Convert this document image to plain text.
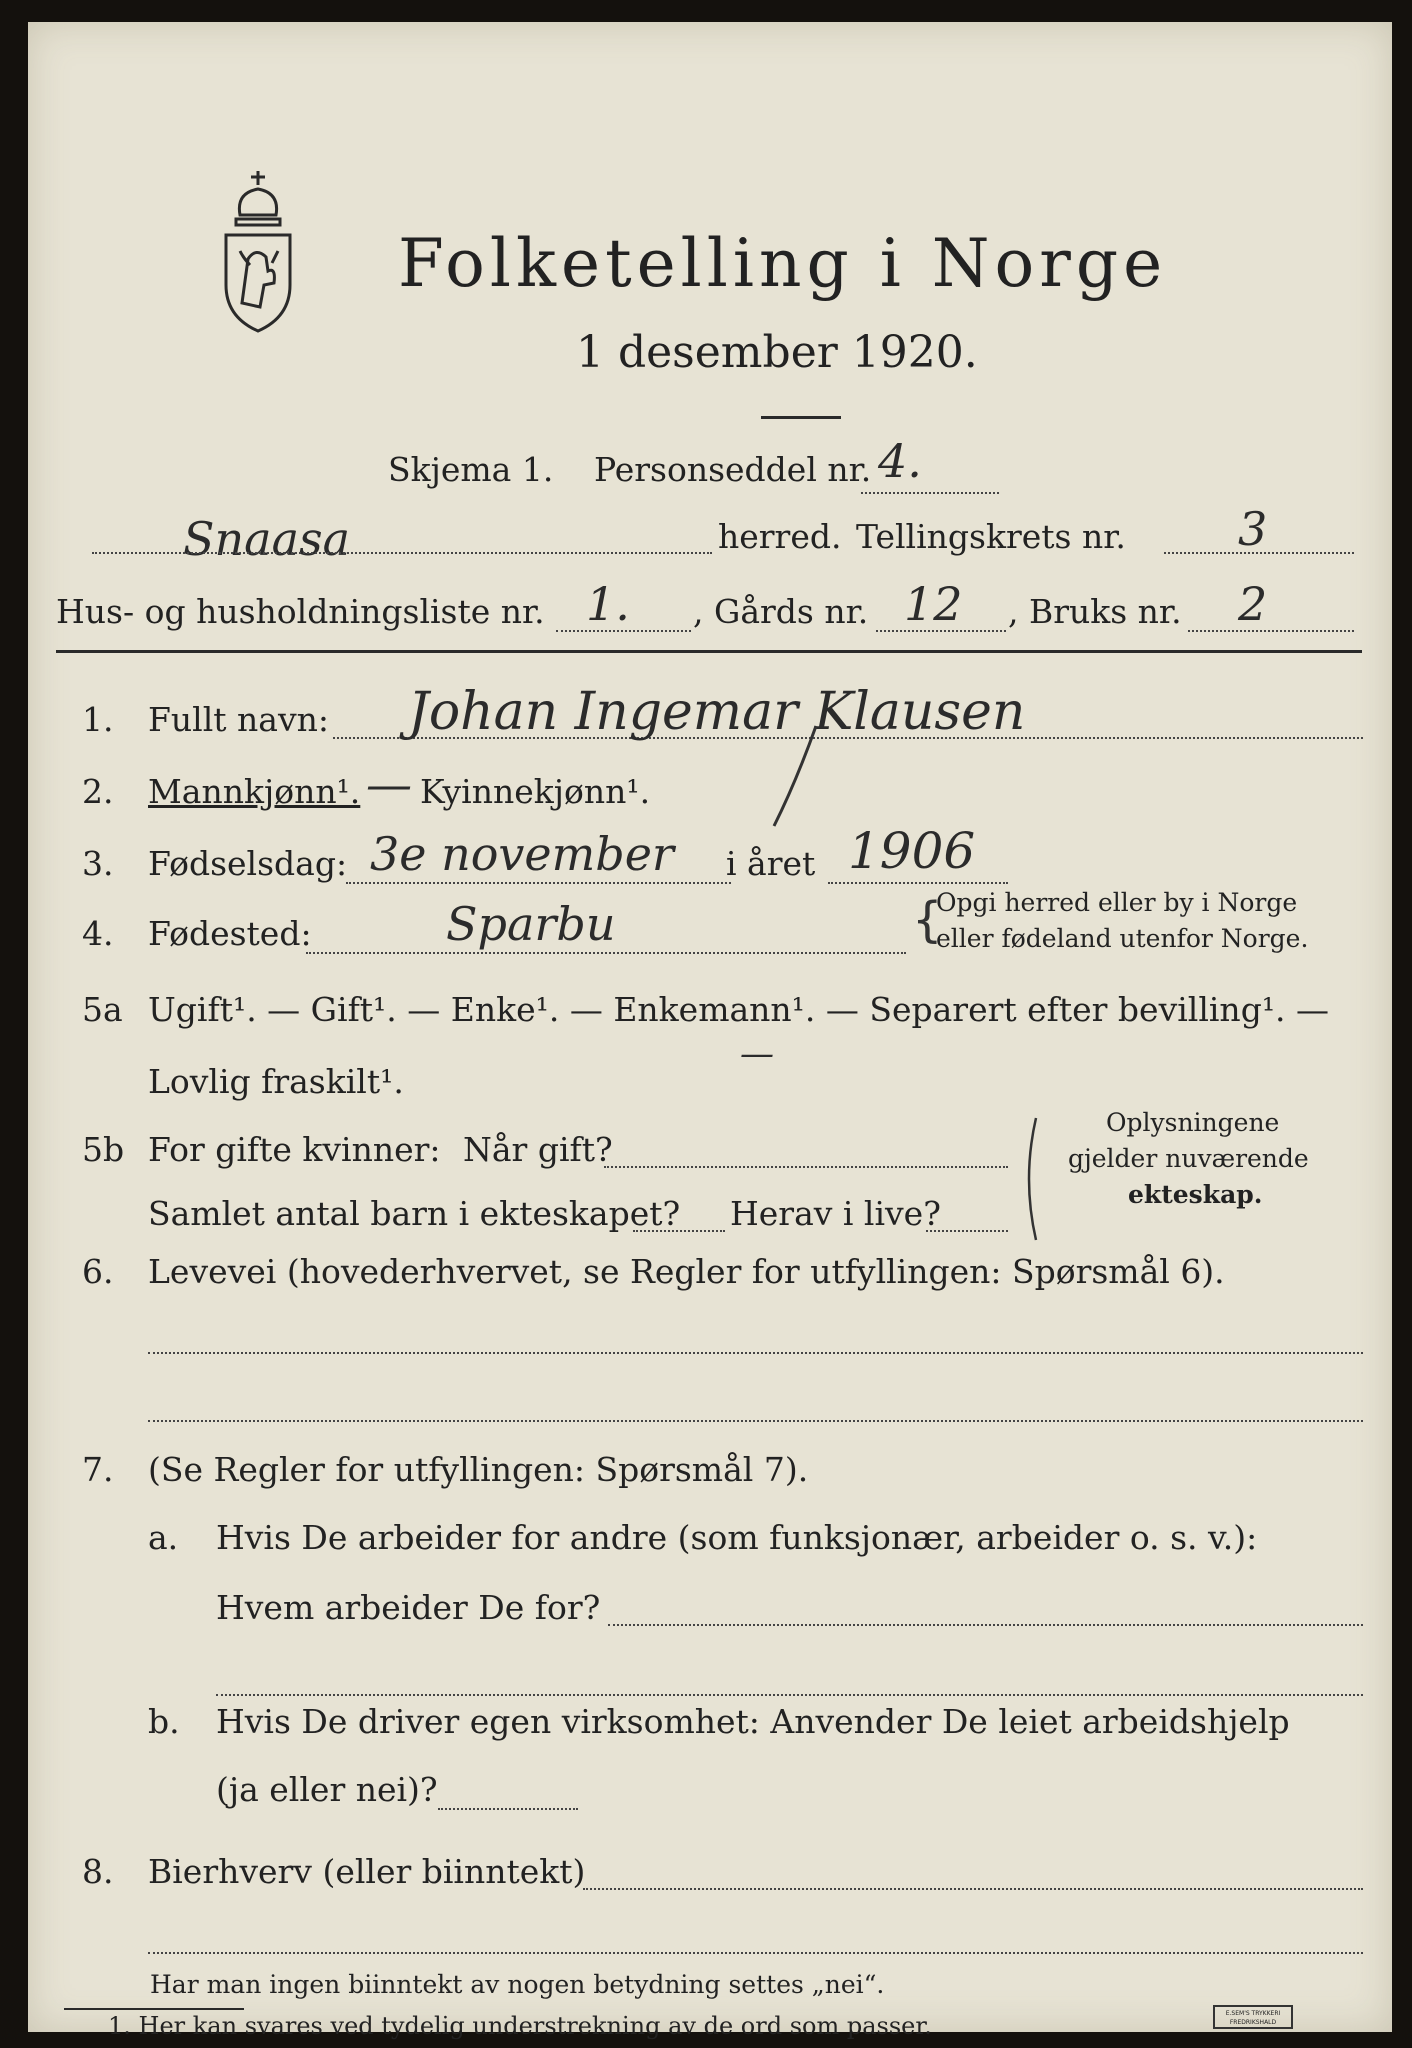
Folketelling i Norge
1 desember 1920.
Skjema 1. Personseddel nr. 4.
Snaasa	herred. Tellingskrets nr. 3
Hus- og husholdningsliste nr. 1. , Gårds nr. 12 , Bruks nr. 2
1. Fullt navn: Johan Ingemar Klausen
2. Mannkjønn¹. — Kyinnekjønn¹.
3. Fødselsdag: 3e november i året 1906
4. Fødested:	Sparbu	{
Opgi herred eller by i Norge
eller fødeland utenfor Norge.
5a Ugift¹. — Gift¹. — Enke¹. — Enkemann¹. — Separert efter bevilling¹. —
Lovlig fraskilt¹.
—
5b For gifte kvinner: Når gift?
Samlet antal barn i ekteskapet? Herav i live?
Oplysningene
gjelder nuværende
ekteskap.
6. Levevei (hovederhvervet, se Regler for utfyllingen: Spørsmål 6).
7. (Se Regler for utfyllingen: Spørsmål 7).
a. Hvis De arbeider for andre (som funksjonær, arbeider o. s. v.):
Hvem arbeider De for?
b. Hvis De driver egen virksomhet: Anvender De leiet arbeidshjelp
(ja eller nei)?
8. Bierhverv (eller biinntekt)
Har man ingen biinntekt av nogen betydning settes „nei“.
1. Her kan svares ved tydelig understrekning av de ord som passer.	E.SEM'S TRYKKERI
FREDRIKSHALD
